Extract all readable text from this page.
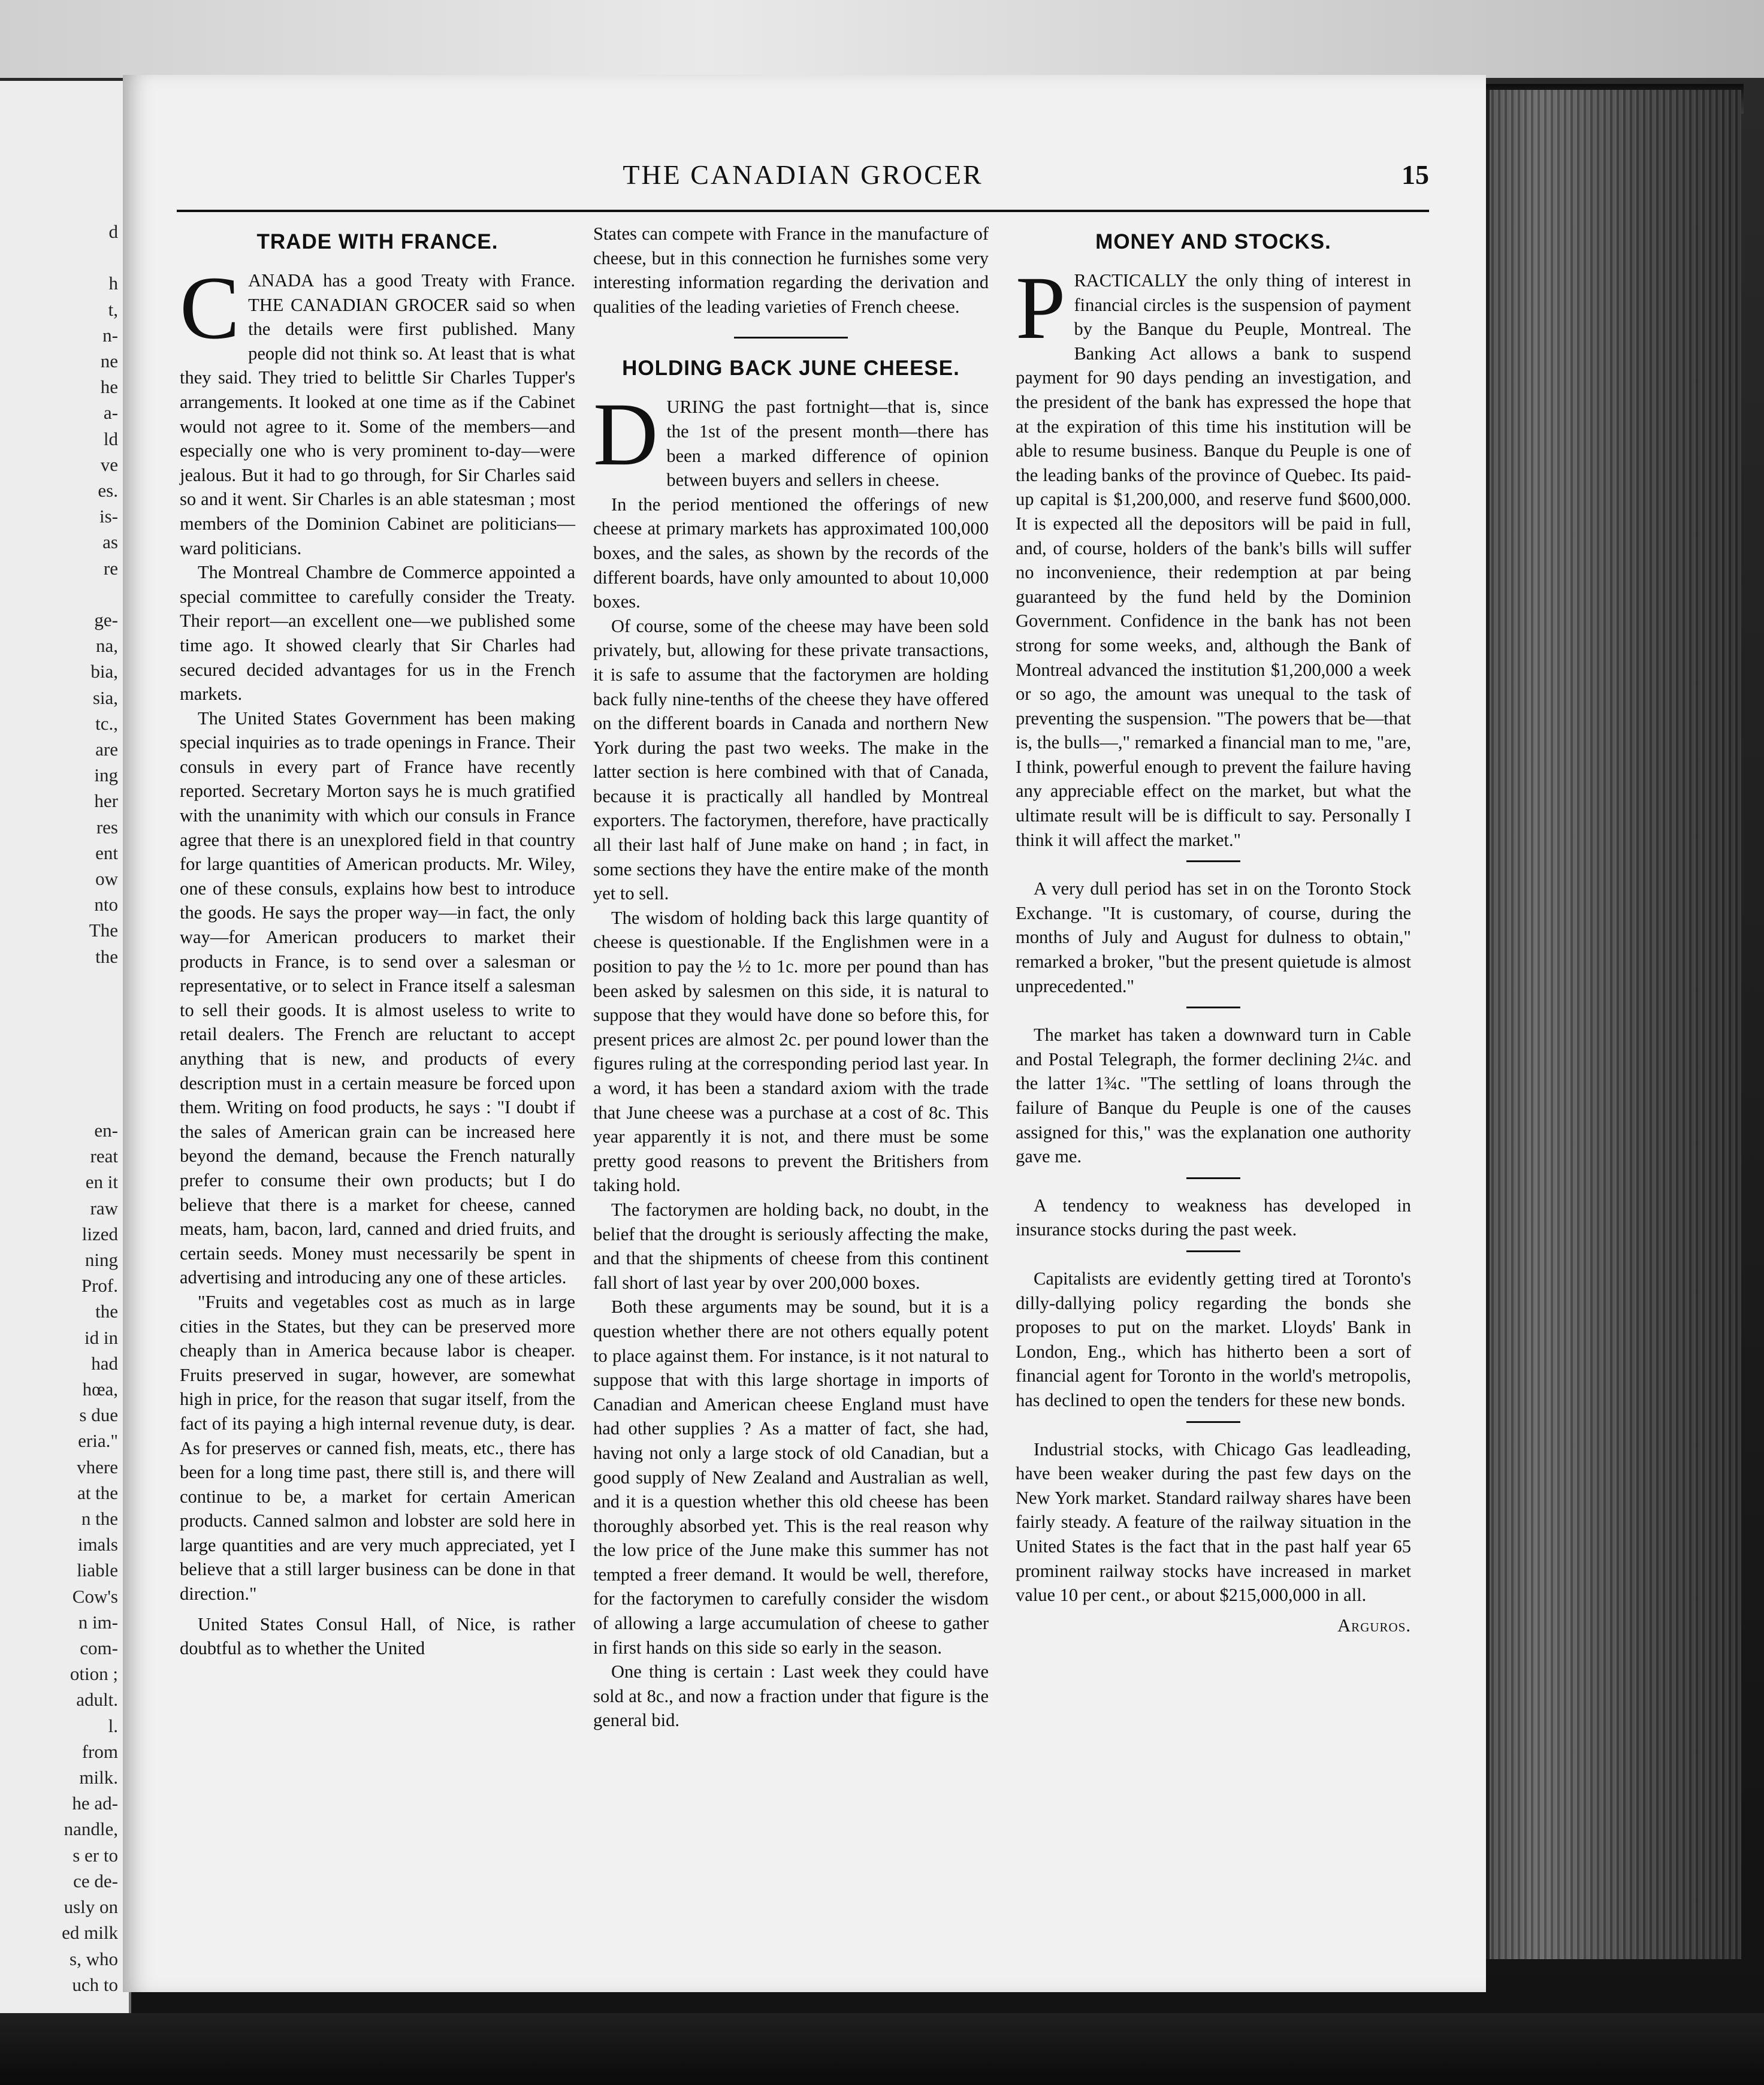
d

h
t,
n-
ne
he
a-
ld
ve
es.
is-
as
re

ge-
na,
bia,
sia,
tc.,
are
ing
her
res
ent
ow
nto
The
the
en-
reat
en it
raw
lized
ning
Prof.
the
id in
had
hœa,
s due
eria."
vhere
at the
n the
imals
liable
Cow's
n im-
com-
otion ;
adult.
l.
from
milk.
he ad-
nandle,
s er to
ce de-
usly on
ed milk
s, who
uch to
THE CANADIAN GROCER	15
TRADE WITH FRANCE.

CANADA has a good Treaty with France. THE CANADIAN GROCER said so when the details were first published. Many people did not think so. At least that is what they said. They tried to belittle Sir Charles Tupper's arrangements. It looked at one time as if the Cabinet would not agree to it. Some of the members—and especially one who is very prominent to-day—were jealous. But it had to go through, for Sir Charles said so and it went. Sir Charles is an able statesman ; most members of the Dominion Cabinet are politicians—ward politicians.

The Montreal Chambre de Commerce appointed a special committee to carefully consider the Treaty. Their report—an excellent one—we published some time ago. It showed clearly that Sir Charles had secured decided advantages for us in the French markets.

The United States Government has been making special inquiries as to trade openings in France. Their consuls in every part of France have recently reported. Secretary Morton says he is much gratified with the unanimity with which our consuls in France agree that there is an unexplored field in that country for large quantities of American products. Mr. Wiley, one of these consuls, explains how best to introduce the goods. He says the proper way—in fact, the only way—for American producers to market their products in France, is to send over a salesman or representative, or to select in France itself a salesman to sell their goods. It is almost useless to write to retail dealers. The French are reluctant to accept anything that is new, and products of every description must in a certain measure be forced upon them. Writing on food products, he says : "I doubt if the sales of American grain can be increased here beyond the demand, because the French naturally prefer to consume their own products; but I do believe that there is a market for cheese, canned meats, ham, bacon, lard, canned and dried fruits, and certain seeds. Money must necessarily be spent in advertising and introducing any one of these articles.

"Fruits and vegetables cost as much as in large cities in the States, but they can be preserved more cheaply than in America because labor is cheaper. Fruits preserved in sugar, however, are somewhat high in price, for the reason that sugar itself, from the fact of its paying a high internal revenue duty, is dear. As for preserves or canned fish, meats, etc., there has been for a long time past, there still is, and there will continue to be, a market for certain American products. Canned salmon and lobster are sold here in large quantities and are very much appreciated, yet I believe that a still larger business can be done in that direction."

United States Consul Hall, of Nice, is rather doubtful as to whether the United

States can compete with France in the manufacture of cheese, but in this connection he furnishes some very interesting information regarding the derivation and qualities of the leading varieties of French cheese.

HOLDING BACK JUNE CHEESE.

DURING the past fortnight—that is, since the 1st of the present month—there has been a marked difference of opinion between buyers and sellers in cheese.

In the period mentioned the offerings of new cheese at primary markets has approximated 100,000 boxes, and the sales, as shown by the records of the different boards, have only amounted to about 10,000 boxes.

Of course, some of the cheese may have been sold privately, but, allowing for these private transactions, it is safe to assume that the factorymen are holding back fully nine-tenths of the cheese they have offered on the different boards in Canada and northern New York during the past two weeks. The make in the latter section is here combined with that of Canada, because it is practically all handled by Montreal exporters. The factorymen, therefore, have practically all their last half of June make on hand ; in fact, in some sections they have the entire make of the month yet to sell.

The wisdom of holding back this large quantity of cheese is questionable. If the Englishmen were in a position to pay the ½ to 1c. more per pound than has been asked by salesmen on this side, it is natural to suppose that they would have done so before this, for present prices are almost 2c. per pound lower than the figures ruling at the corresponding period last year. In a word, it has been a standard axiom with the trade that June cheese was a purchase at a cost of 8c. This year apparently it is not, and there must be some pretty good reasons to prevent the Britishers from taking hold.

The factorymen are holding back, no doubt, in the belief that the drought is seriously affecting the make, and that the shipments of cheese from this continent fall short of last year by over 200,000 boxes.

Both these arguments may be sound, but it is a question whether there are not others equally potent to place against them. For instance, is it not natural to suppose that with this large shortage in imports of Canadian and American cheese England must have had other supplies ? As a matter of fact, she had, having not only a large stock of old Canadian, but a good supply of New Zealand and Australian as well, and it is a question whether this old cheese has been thoroughly absorbed yet. This is the real reason why the low price of the June make this summer has not tempted a freer demand. It would be well, therefore, for the factorymen to carefully consider the wisdom of allowing a large accumulation of cheese to gather in first hands on this side so early in the season.

One thing is certain : Last week they could have sold at 8c., and now a fraction under that figure is the general bid.

MONEY AND STOCKS.

PRACTICALLY the only thing of interest in financial circles is the suspension of payment by the Banque du Peuple, Montreal. The Banking Act allows a bank to suspend payment for 90 days pending an investigation, and the president of the bank has expressed the hope that at the expiration of this time his institution will be able to resume business. Banque du Peuple is one of the leading banks of the province of Quebec. Its paid-up capital is $1,200,000, and reserve fund $600,000. It is expected all the depositors will be paid in full, and, of course, holders of the bank's bills will suffer no inconvenience, their redemption at par being guaranteed by the fund held by the Dominion Government. Confidence in the bank has not been strong for some weeks, and, although the Bank of Montreal advanced the institution $1,200,000 a week or so ago, the amount was unequal to the task of preventing the suspension. "The powers that be—that is, the bulls—," remarked a financial man to me, "are, I think, powerful enough to prevent the failure having any appreciable effect on the market, but what the ultimate result will be is difficult to say. Personally I think it will affect the market."

A very dull period has set in on the Toronto Stock Exchange. "It is customary, of course, during the months of July and August for dulness to obtain," remarked a broker, "but the present quietude is almost unprecedented."

The market has taken a downward turn in Cable and Postal Telegraph, the former declining 2¼c. and the latter 1¾c. "The settling of loans through the failure of Banque du Peuple is one of the causes assigned for this," was the explanation one authority gave me.

A tendency to weakness has developed in insurance stocks during the past week.

Capitalists are evidently getting tired at Toronto's dilly-dallying policy regarding the bonds she proposes to put on the market. Lloyds' Bank in London, Eng., which has hitherto been a sort of financial agent for Toronto in the world's metropolis, has declined to open the tenders for these new bonds.

Industrial stocks, with Chicago Gas leadleading, have been weaker during the past few days on the New York market. Standard railway shares have been fairly steady. A feature of the railway situation in the United States is the fact that in the past half year 65 prominent railway stocks have increased in market value 10 per cent., or about $215,000,000 in all.

Arguros.
